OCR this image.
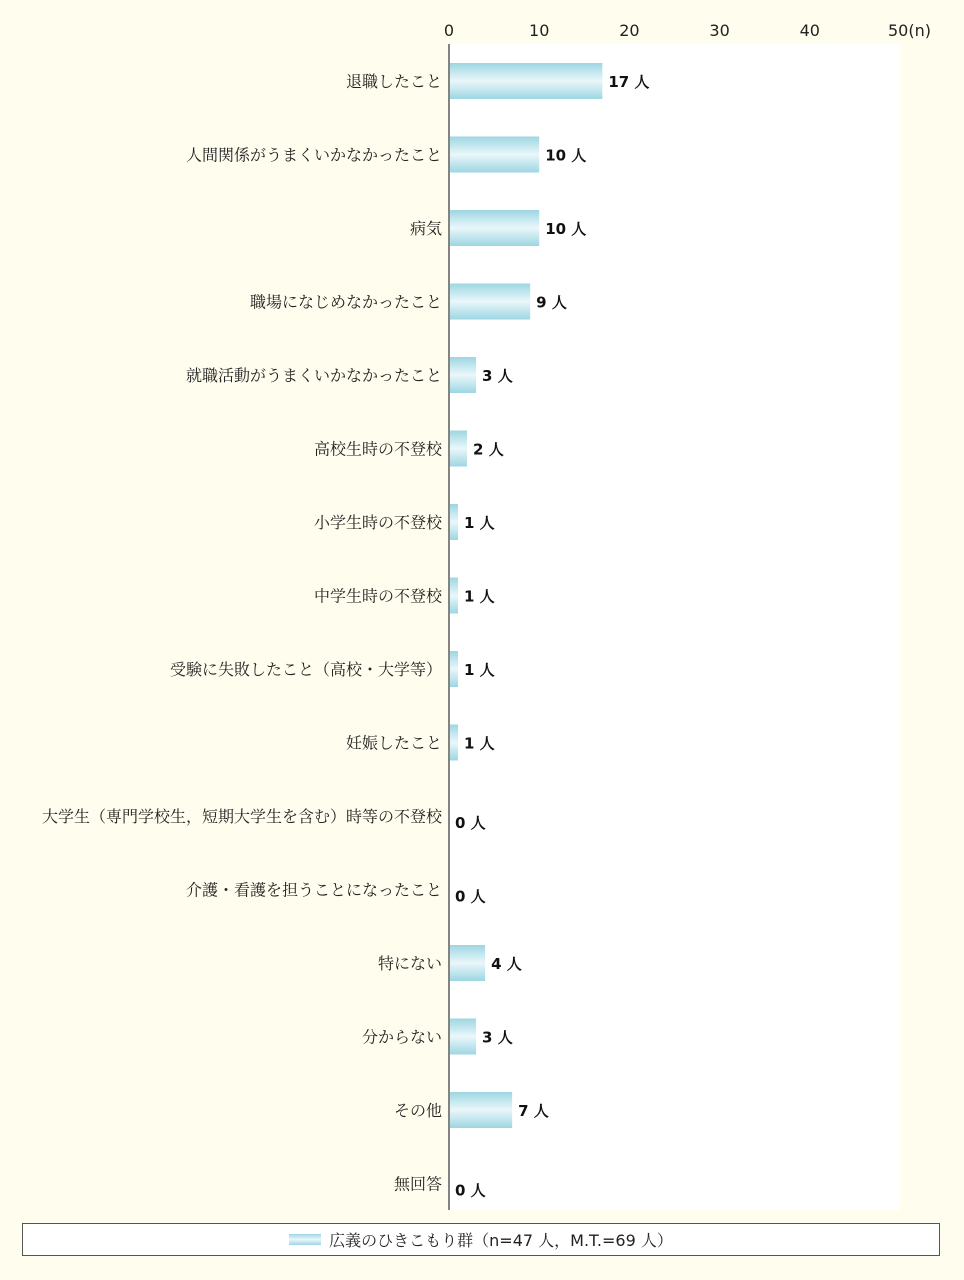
0	10	20	30	40	50(n)
退職したこと	17 人
人間関係がうまくいかなかったこと	10 人
病気	10 人
職場になじめなかったこと	9 人
就職活動がうまくいかなかったこと	3 人
高校生時の不登校 2 人
小学生時の不登校 1 人
中学生時の不登校 1 人
受験に失敗したこと（高校・大学等） 1 人
妊娠したこと 1 人
大学生（専門学校生，短期大学生を含む）時等の不登校 0 人
介護・看護を担うことになったこと 0 人
特にない	4 人
分からない	3 人
その他	7 人
無回答 0 人
広義のひきこもり群（n=47 人，M.T.=69 人）
